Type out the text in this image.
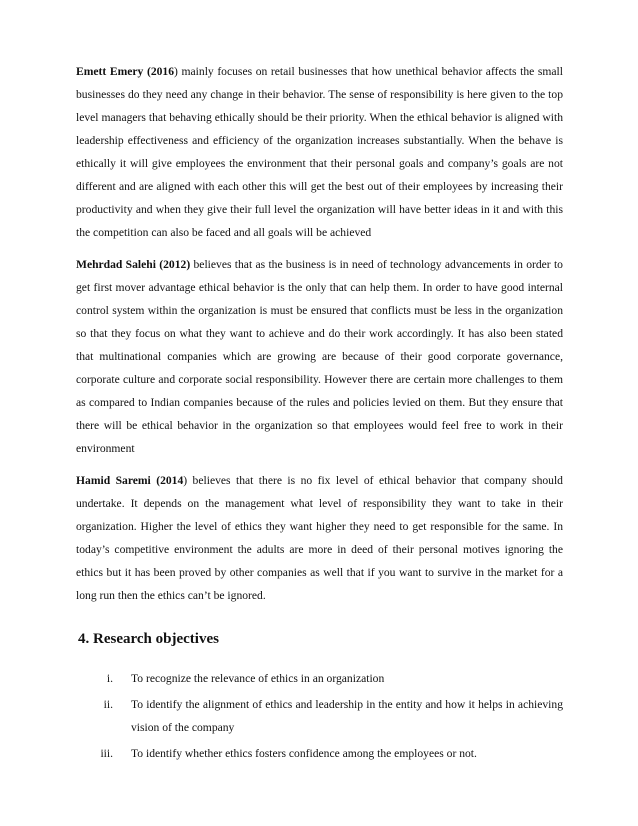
Emett Emery (2016) mainly focuses on retail businesses that how unethical behavior affects the small businesses do they need any change in their behavior. The sense of responsibility is here given to the top level managers that behaving ethically should be their priority. When the ethical behavior is aligned with leadership effectiveness and efficiency of the organization increases substantially. When the behave is ethically it will give employees the environment that their personal goals and company’s goals are not different and are aligned with each other this will get the best out of their employees by increasing their productivity and when they give their full level the organization will have better ideas in it and with this the competition can also be faced and all goals will be achieved

Mehrdad Salehi (2012) believes that as the business is in need of technology advancements in order to get first mover advantage ethical behavior is the only that can help them. In order to have good internal control system within the organization is must be ensured that conflicts must be less in the organization so that they focus on what they want to achieve and do their work accordingly. It has also been stated that multinational companies which are growing are because of their good corporate governance, corporate culture and corporate social responsibility. However there are certain more challenges to them as compared to Indian companies because of the rules and policies levied on them. But they ensure that there will be ethical behavior in the organization so that employees would feel free to work in their environment

Hamid Saremi (2014) believes that there is no fix level of ethical behavior that company should undertake. It depends on the management what level of responsibility they want to take in their organization. Higher the level of ethics they want higher they need to get responsible for the same. In today’s competitive environment the adults are more in deed of their personal motives ignoring the ethics but it has been proved by other companies as well that if you want to survive in the market for a long run then the ethics can’t be ignored.

4. Research objectives
i.	To recognize the relevance of ethics in an organization
ii.	To identify the alignment of ethics and leadership in the entity and how it helps in achieving vision of the company
iii.	To identify whether ethics fosters confidence among the employees or not.
